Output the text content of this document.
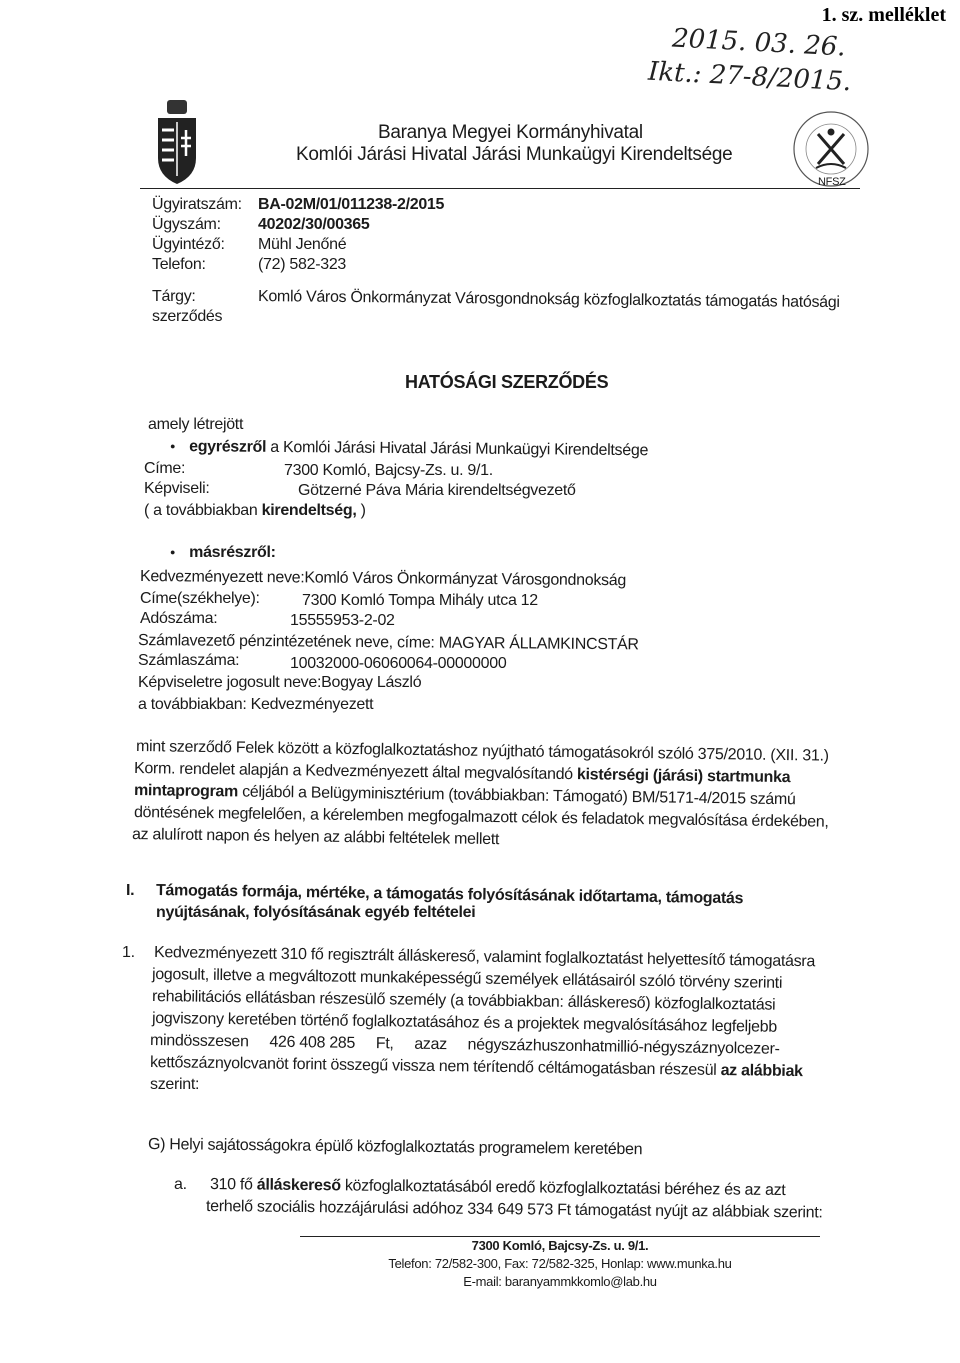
1. sz. melléklet
2015. 03. 26.
Ikt.: 27-8/2015.
Baranya Megyei Kormányhivatal
Komlói Járási Hivatal Járási Munkaügyi Kirendeltsége
NFSZ
Ügyiratszám: BA-02M/01/011238-2/2015
Ügyszám: 40202/30/00365
Ügyintéző: Mühl Jenőné
Telefon:	(72) 582-323
Tárgy:	Komló Város Önkormányzat Városgondnokság közfoglalkoztatás támogatás hatósági
szerződés
HATÓSÁGI SZERZŐDÉS
amely létrejött
● egyrészről a Komlói Járási Hivatal Járási Munkaügyi Kirendeltsége
Címe:	7300 Komló, Bajcsy-Zs. u. 9/1.
Képviseli:	Götzerné Páva Mária kirendeltségvezető
( a továbbiakban kirendeltség, )
● másrészről:
Kedvezményezett neve:Komló Város Önkormányzat Városgondnokság
Címe(székhelye):	7300 Komló Tompa Mihály utca 12
Adószáma:	15555953-2-02
Számlavezető pénzintézetének neve, címe: MAGYAR ÁLLAMKINCSTÁR
Számlaszáma:	10032000-06060064-00000000
Képviseletre jogosult neve:Bogyay László
a továbbiakban: Kedvezményezett
mint szerződő Felek között a közfoglalkoztatáshoz nyújtható támogatásokról szóló 375/2010. (XII. 31.)
Korm. rendelet alapján a Kedvezményezett által megvalósítandó kistérségi (járási) startmunka
mintaprogram céljából a Belügyminisztérium (továbbiakban: Támogató) BM/5171-4/2015 számú
döntésének megfelelően, a kérelemben megfogalmazott célok és feladatok megvalósítása érdekében,
az alulírott napon és helyen az alábbi feltételek mellett
I. Támogatás formája, mértéke, a támogatás folyósításának időtartama, támogatás
nyújtásának, folyósításának egyéb feltételei
1. Kedvezményezett 310 fő regisztrált álláskereső, valamint foglalkoztatást helyettesítő támogatásra
jogosult, illetve a megváltozott munkaképességű személyek ellátásairól szóló törvény szerinti
rehabilitációs ellátásban részesülő személy (a továbbiakban: álláskereső) közfoglalkoztatási
jogviszony keretében történő foglalkoztatásához és a projektek megvalósításához legfeljebb
mindösszesen     426 408 285     Ft,     azaz     négyszázhuszonhatmillió-négyszáznyolcezer-
kettőszáznyolcvanöt forint összegű vissza nem térítendő céltámogatásban részesül az alábbiak
szerint:
G) Helyi sajátosságokra épülő közfoglalkoztatás programelem keretében
a. 310 fő álláskereső közfoglalkoztatásából eredő közfoglalkoztatási béréhez és az azt
terhelő szociális hozzájárulási adóhoz 334 649 573 Ft támogatást nyújt az alábbiak szerint:
7300 Komló, Bajcsy-Zs. u. 9/1.
Telefon: 72/582-300, Fax: 72/582-325, Honlap: www.munka.hu
E-mail: baranyammkkomlo@lab.hu
